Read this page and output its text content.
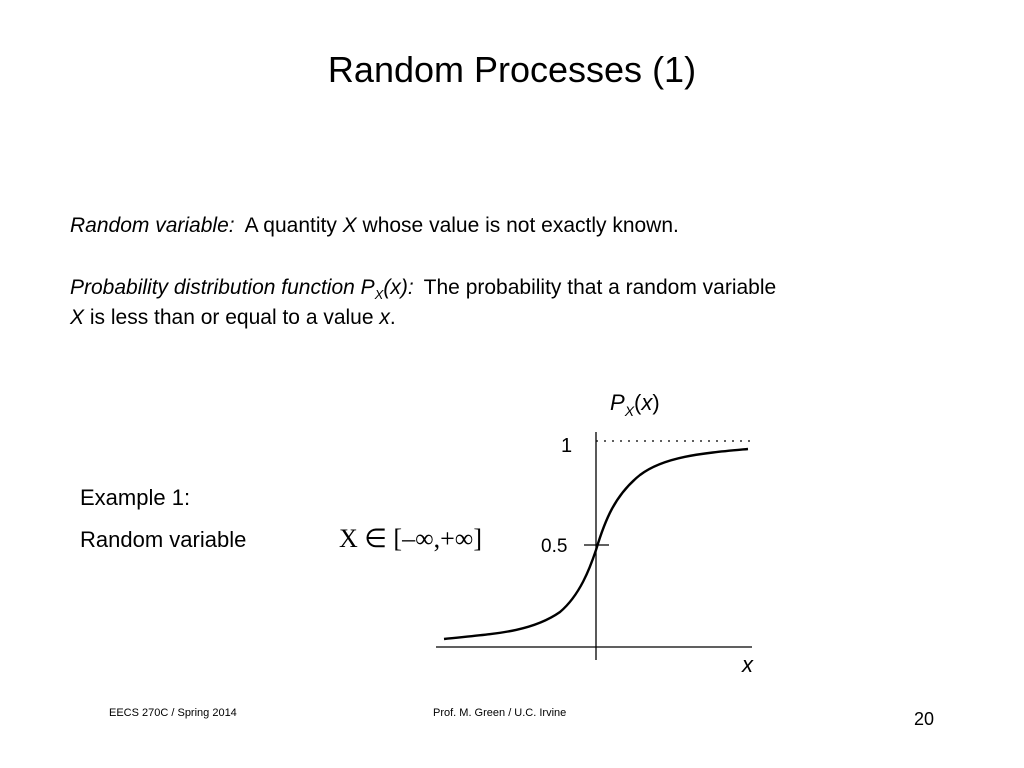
Random Processes (1)
Random variable: A quantity X whose value is not exactly known.
Probability distribution function $P_X(x)$: The probability that a random variable
X is less than or equal to a value x.
Example 1:
Random variable	X ∈ [–∞,+∞]
$P_X(x)$
1
0.5
x
EECS 270C / Spring 2014	Prof. M. Green / U.C. Irvine	20
